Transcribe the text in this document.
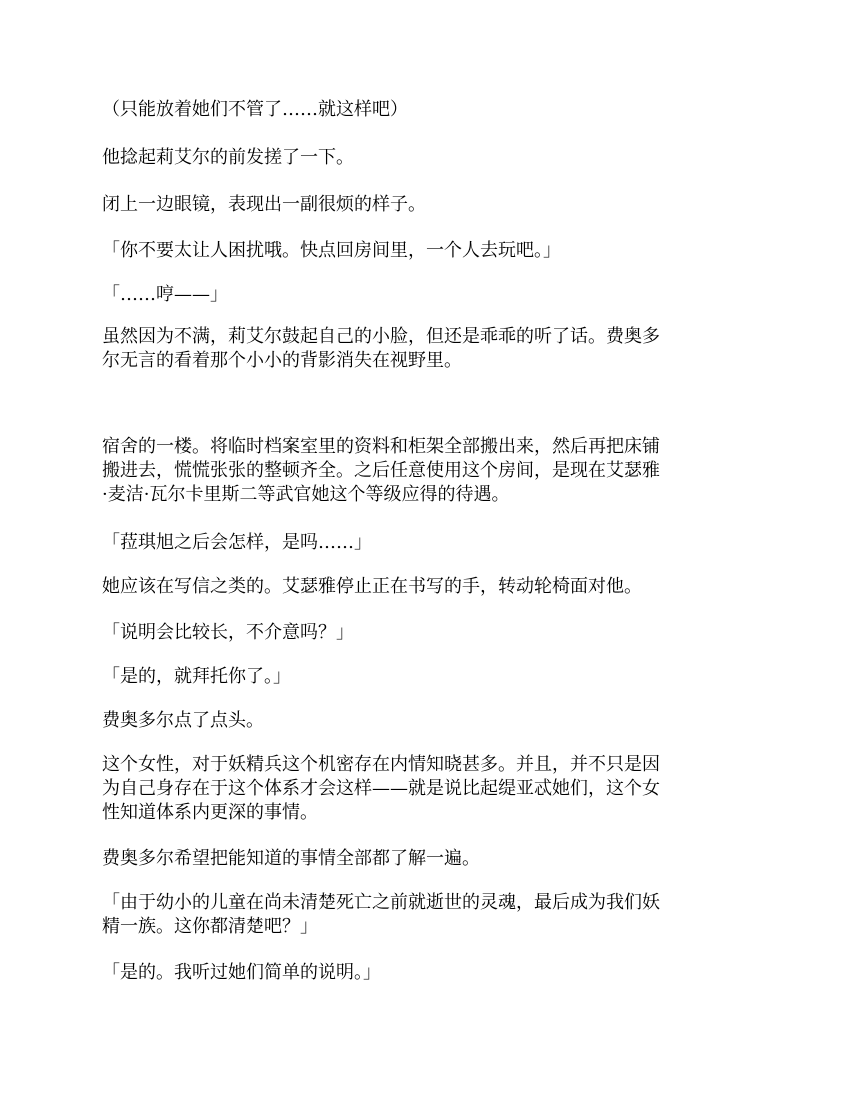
（只能放着她们不管了……就这样吧）

他捻起莉艾尔的前发搓了一下。

闭上一边眼镜，表现出一副很烦的样子。

「你不要太让人困扰哦。快点回房间里，一个人去玩吧。」

「……哼——」

虽然因为不满，莉艾尔鼓起自己的小脸，但还是乖乖的听了话。费奥多
尔无言的看着那个小小的背影消失在视野里。

宿舍的一楼。将临时档案室里的资料和柜架全部搬出来，然后再把床铺
搬进去，慌慌张张的整顿齐全。之后任意使用这个房间，是现在艾瑟雅
·麦洁·瓦尔卡里斯二等武官她这个等级应得的待遇。

「菈琪旭之后会怎样，是吗……」

她应该在写信之类的。艾瑟雅停止正在书写的手，转动轮椅面对他。

「说明会比较长，不介意吗？」

「是的，就拜托你了。」

费奥多尔点了点头。

这个女性，对于妖精兵这个机密存在内情知晓甚多。并且，并不只是因
为自己身存在于这个体系才会这样——就是说比起缇亚忒她们，这个女
性知道体系内更深的事情。

费奥多尔希望把能知道的事情全部都了解一遍。

「由于幼小的儿童在尚未清楚死亡之前就逝世的灵魂，最后成为我们妖
精一族。这你都清楚吧？」

「是的。我听过她们简单的说明。」
